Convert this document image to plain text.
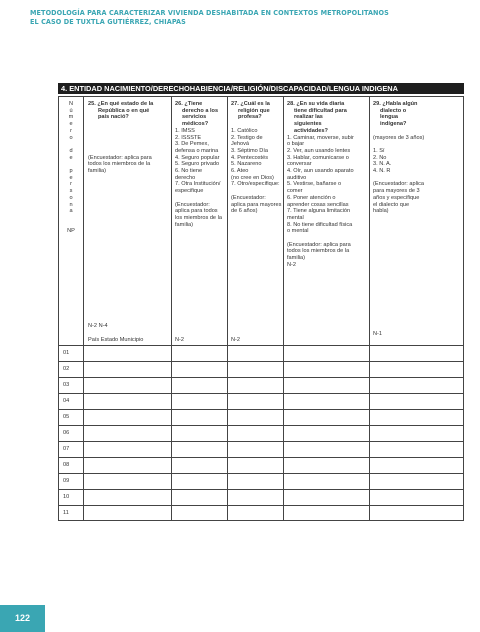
METODOLOGÍA PARA CARACTERIZAR VIVIENDA DESHABITADA EN CONTEXTOS METROPOLITANOS
EL CASO DE TUXTLA GUTIÉRREZ, CHIAPAS
4. ENTIDAD NACIMIENTO/DERECHOHABIENCIA/RELIGIÓN/DISCAPACIDAD/LENGUA INDIGENA
N
ú
m
e
r
o
d
e
p
e
r
s
o
n
a
NP
25. ¿En qué estado de la
República o en qué
país nació?
(Encuestador: aplica para
todos los miembros de la
familia)
N-2 N-4
País Estado Municipio
26. ¿Tiene
derecho a los
servicios
médicos?
1. IMSS
2. ISSSTE
3. De Pemex,
defensa o marina
4. Seguro popular
5. Seguro privado
6. No tiene
derecho
7. Otra Institución/
especifique
(Encuestador:
aplica para todos
los miembros de la
familia)
N-2
27. ¿Cuál es la
religión que
profesa?
1. Católico
2. Testigo de
Jehová
3. Séptimo Día
4. Pentecostés
5. Nazareno
6. Ateo
(no cree en Dios)
7. Otro/especifique:
(Encuestador:
aplica para mayores
de 6 años)
N-2
28. ¿En su vida diaria
tiene dificultad para
realizar las
siguientes
actividades?
1. Caminar, moverse, subir
o bajar
2. Ver, aun usando lentes
3. Hablar, comunicarse o
conversar
4. Oír, aun usando aparato
auditivo
5. Vestirse, bañarse o
comer
6. Poner atención o
aprender cosas sencillas
7. Tiene alguna limitación
mental
8. No tiene dificultad física
o mental
(Encuestador: aplica para
todos los miembros de la
familia)
N-2
29. ¿Habla algún
dialecto o
lengua
indígena?
(mayores de 3 años)
1. Sí
2. No
3. N. A.
4. N. R
(Encuestador: aplica
para mayores de 3
años y especifique
el dialecto que
habla)
N-1
01
02
03
04
05
06
07
08
09
10
11
122
